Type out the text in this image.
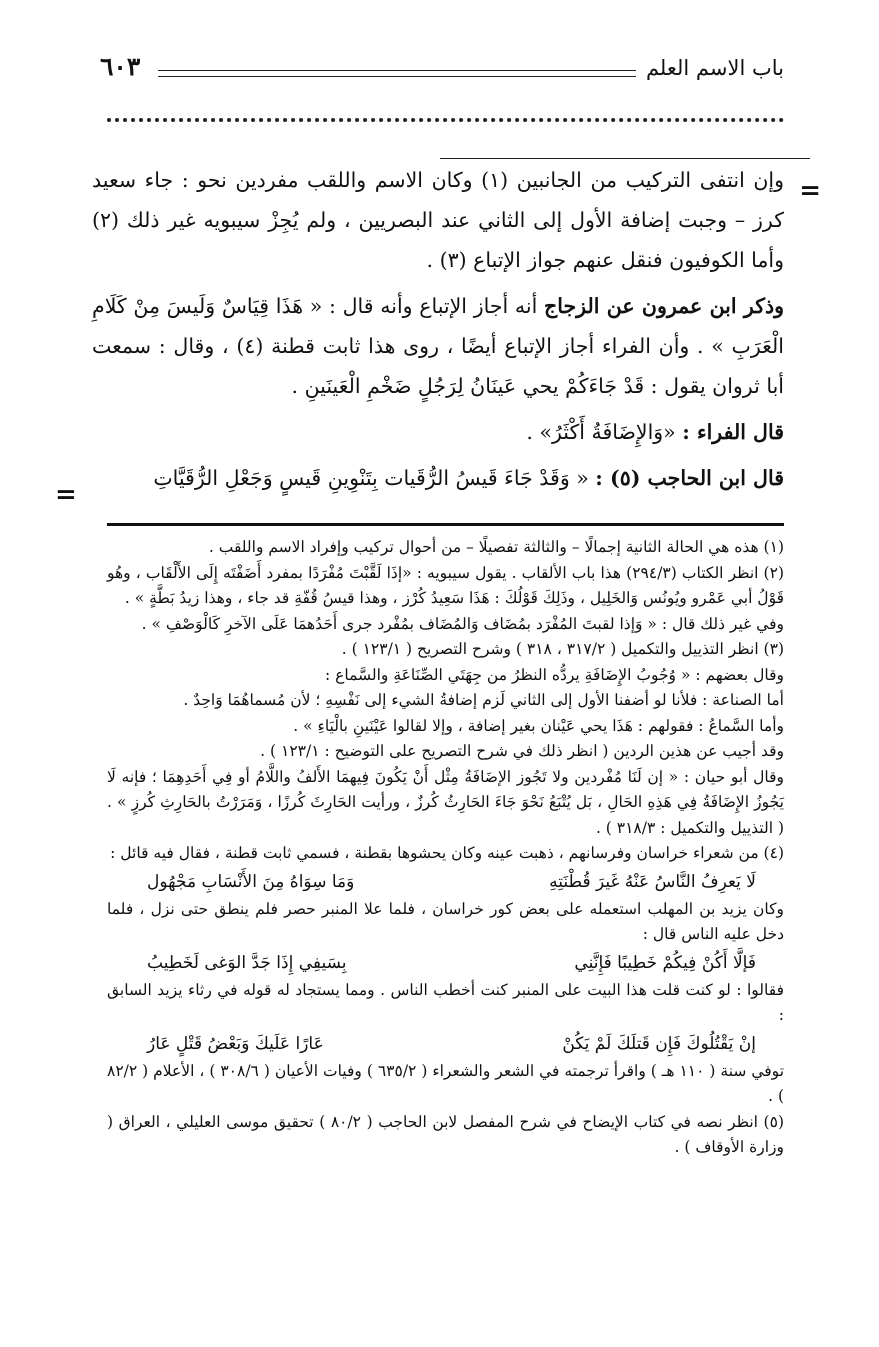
باب الاسم العلم
٦٠٣
=

وإن انتفى التركيب من الجانبين (١) وكان الاسم واللقب مفردين نحو : جاء سعيد كرز – وجبت إضافة الأول إلى الثاني عند البصريين ، ولم يُجِزْ سيبويه غير ذلك (٢) وأما الكوفيون فنقل عنهم جواز الإتباع (٣) .

وذكر ابن عمرون عن الزجاج أنه أجاز الإتباع وأنه قال : « هَذَا قِيَاسٌ وَلَيسَ مِنْ كَلَامِ الْعَرَبِ » . وأن الفراء أجاز الإتباع أيضًا ، روى هذا ثابت قطنة (٤) ، وقال : سمعت أبا ثروان يقول : قَدْ جَاءَكُمْ يحي عَينَانُ لِرَجُلٍ ضَخْمِ الْعَينَينِ .

قال الفراء : «وَالإِضَافَةُ أَكْثَرُ» .

قال ابن الحاجب (٥) : « وَقَدْ جَاءَ قَيسُ الرُّقَيات بِتَنْوِينِ قَيسٍ وَجَعْلِ الرُّقَيَّاتِ

=

(١) هذه هي الحالة الثانية إجمالًا – والثالثة تفصيلًا – من أحوال تركيب وإفراد الاسم واللقب .

(٢) انظر الكتاب (٢٩٤/٣) هذا باب الألقاب . يقول سيبويه : «إذَا لَقَّبْتَ مُفْرَدًا بمفرد أَضَفْتَه إِلَى الأَلْقَاب ، وهُو قَوْلُ أبي عَمْرو ويُونُس وَالخَلِيل ، وذَلِكَ قَوْلُكَ : هَذَا سَعِيدُ كُرْز ، وهذا قيسُ قُفّةِ قد جاء ، وهذا زيدُ بَطَّةٍ » .

وفي غير ذلك قال : « وَإذا لقبتَ المُفْرَد بمُضَاف وَالمُضَاف بمُفْرد جرى أَحَدُهمَا عَلَى الآخرِ كَالْوَصْفِ » .

(٣) انظر التذييل والتكميل ( ٣١٧/٢ ، ٣١٨ ) وشرح التصريح ( ١٢٣/١ ) .

وقال بعضهم : « وُجُوبُ الإِضَافَةِ يردُّه النظرُ من جِهَتَي الصِّنَاعَةِ والسَّماع :

أما الصناعة : فلأنا لو أضفنا الأول إلى الثاني لَزم إضافةُ الشيء إلى نَفْسِهِ ؛ لأن مُسماهُمَا وَاحِدٌ .

وأما السَّماعُ : فقولهم : هَذَا يحي عَيْنان بغير إضافة ، وإلا لقالوا عَيْنَينِ بالْيَاءِ » .

وقد أجيب عن هذين الردين ( انظر ذلك في شرح التصريح على التوضيح : ١٢٣/١ ) .

وقال أبو حيان : « إن لَنَا مُفْردين ولا تَجُوز الإضَافَةُ مِثْل أَنْ يَكُونَ فِيهمَا الأَلفُ واللَّامُ أو فِي أَحَدِهِمَا ؛ فإنه لَا يَجُوزُ الإِضَافَةُ فِي هَذِهِ الحَالِ ، بَل يُتْبَعُ نَحْوَ جَاءَ الحَارِثُ كُرزٌ ، ورأيت الحَارِثَ كُرزًا ، وَمَرَرْتُ بالحَارِثِ كُرزٍ » . ( التذييل والتكميل : ٣١٨/٣ ) .

(٤) من شعراء خراسان وفرسانهم ، ذهبت عينه وكان يحشوها بقطنة ، فسمي ثابت قطنة ، فقال فيه قائل :

لَا يَعرِفُ النَّاسُ عَنْهُ غَيرَ قُطْنَتِهِ
وَمَا سِوَاهُ مِنَ الأَنْسَابِ مَجْهُول

وكان يزيد بن المهلب استعمله على بعض كور خراسان ، فلما علا المنبر حصر فلم ينطق حتى نزل ، فلما دخل عليه الناس قال :

فَإلَّا أَكُنْ فِيكُمْ خَطِيبًا فَإِنَّنِي
بِسَيفِي إِذَا جَدَّ الوَغى لَخَطِيبُ

فقالوا : لو كنت قلت هذا البيت على المنبر كنت أخطب الناس . ومما يستجاد له قوله في رثاء يزيد السابق :

إنْ يَقْتُلُوكَ فَإِن قَتلَكَ لَمْ يَكُنْ
عَارًا عَلَيكَ وَبَعْضُ قَتْلٍ عَارُ

توفي سنة ( ١١٠ هـ ) واقرأ ترجمته في الشعر والشعراء ( ٦٣٥/٢ ) وفيات الأعيان ( ٣٠٨/٦ ) ، الأعلام ( ٨٢/٢ ) .

(٥) انظر نصه في كتاب الإيضاح في شرح المفصل لابن الحاجب ( ٨٠/٢ ) تحقيق موسى العليلي ، العراق ( وزارة الأوقاف ) .
